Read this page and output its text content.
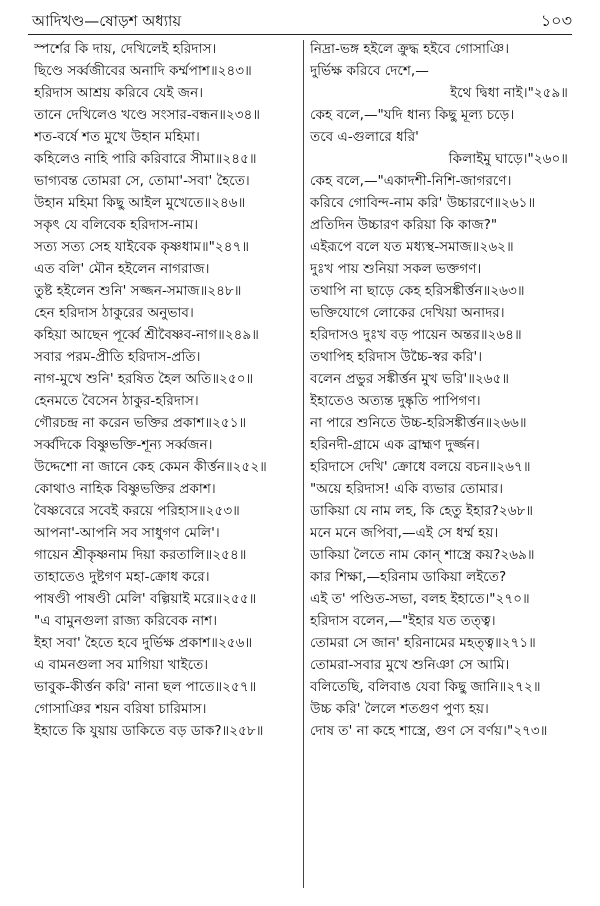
আদিখণ্ড—ষোড়শ অধ্যায়	১০৩
স্পর্শের কি দায়, দেখিলেই হরিদাস।
ছিণ্ডে সর্ব্বজীবের অনাদি কর্ম্মপাশ॥২৪৩॥
হরিদাস আশ্রয় করিবে যেই জন।
তানে দেখিলেও খণ্ডে সংসার-বন্ধন॥২৩৪॥
শত-বর্ষে শত মুখে উহান মহিমা।
কহিলেও নাহি পারি করিবারে সীমা॥২৪৫॥
ভাগ্যবন্ত তোমরা সে, তোমা'-সবা' হৈতে।
উহান মহিমা কিছু আইল মুখেতে॥২৪৬॥
সকৃৎ যে বলিবেক হরিদাস-নাম।
সত্য সত্য সেহ যাইবেক কৃষ্ণধাম॥"২৪৭॥
এত বলি' মৌন হইলেন নাগরাজ।
তুষ্ট হইলেন শুনি' সজ্জন-সমাজ॥২৪৮॥
হেন হরিদাস ঠাকুরের অনুভাব।
কহিয়া আছেন পূর্ব্বে শ্রীবৈষ্ণব-নাগ॥২৪৯॥
সবার পরম-প্রীতি হরিদাস-প্রতি।
নাগ-মুখে শুনি' হরষিত হৈল অতি॥২৫০॥
হেনমতে বৈসেন ঠাকুর-হরিদাস।
গৌরচন্দ্র না করেন ভক্তির প্রকাশ॥২৫১॥
সর্ব্বদিকে বিষ্ণুভক্তি-শূন্য সর্ব্বজন।
উদ্দেশো না জানে কেহ কেমন কীর্ত্তন॥২৫২॥
কোথাও নাহিক বিষ্ণুভক্তির প্রকাশ।
বৈষ্ণবেরে সবেই করয়ে পরিহাস॥২৫৩॥
আপনা'-আপনি সব সাধুগণ মেলি'।
গায়েন শ্রীকৃষ্ণনাম দিয়া করতালি॥২৫৪॥
তাহাতেও দুষ্টগণ মহা-ক্রোধ করে।
পাষণ্ডী পাষণ্ডী মেলি' বল্গিয়াই মরে॥২৫৫॥
"এ বামুনগুলা রাজ্য করিবেক নাশ।
ইহা সবা' হৈতে হবে দুর্ভিক্ষ প্রকাশ॥২৫৬॥
এ বামনগুলা সব মাগিয়া খাইতে।
ভাবুক-কীর্ত্তন করি' নানা ছল পাতে॥২৫৭॥
গোসাঞির শয়ন বরিষা চারিমাস।
ইহাতে কি যুয়ায় ডাকিতে বড় ডাক?॥২৫৮॥
নিদ্রা-ভঙ্গ হইলে ক্রুদ্ধ হইবে গোসাঞি।
দুর্ভিক্ষ করিবে দেশে,—
ইথে দ্বিধা নাই।"২৫৯॥
কেহ বলে,—"যদি ধান্য কিছু মূল্য চড়ে।
তবে এ-গুলারে ধরি'
কিলাইমু ঘাড়ে।"২৬০॥
কেহ বলে,—"একাদশী-নিশি-জাগরণে।
করিবে গোবিন্দ-নাম করি' উচ্চারণে॥২৬১॥
প্রতিদিন উচ্চারণ করিয়া কি কাজ?"
এইরূপে বলে যত মধ্যস্থ-সমাজ॥২৬২॥
দুঃখ পায় শুনিয়া সকল ভক্তগণ।
তথাপি না ছাড়ে কেহ হরিসঙ্কীর্ত্তন॥২৬৩॥
ভক্তিযোগে লোকের দেখিয়া অনাদর।
হরিদাসও দুঃখ বড় পায়েন অন্তর॥২৬৪॥
তথাপিহ হরিদাস উচ্চৈ-স্বর করি'।
বলেন প্রভুর সঙ্কীর্ত্তন মুখ ভরি'॥২৬৫॥
ইহাতেও অত্যন্ত দুষ্কৃতি পাপিগণ।
না পারে শুনিতে উচ্চ-হরিসঙ্কীর্ত্তন॥২৬৬॥
হরিনদী-গ্রামে এক ব্রাহ্মণ দুর্জ্জন।
হরিদাসে দেখি' ক্রোধে বলয়ে বচন॥২৬৭॥
"অয়ে হরিদাস! একি ব্যভার তোমার।
ডাকিয়া যে নাম লহ, কি হেতু ইহার?২৬৮॥
মনে মনে জপিবা,—এই সে ধর্ম্ম হয়।
ডাকিয়া লৈতে নাম কোন্ শাস্ত্রে কয়?২৬৯॥
কার শিক্ষা,—হরিনাম ডাকিয়া লইতে?
এই ত' পণ্ডিত-সভা, বলহ ইহাতে।"২৭০॥
হরিদাস বলেন,—"ইহার যত তত্ত্ব।
তোমরা সে জান' হরিনামের মহত্ত্ব॥২৭১॥
তোমরা-সবার মুখে শুনিঞা সে আমি।
বলিতেছি, বলিবাঙ যেবা কিছু জানি॥২৭২॥
উচ্চ করি' লৈলে শতগুণ পুণ্য হয়।
দোষ ত' না কহে শাস্ত্রে, গুণ সে বর্ণয়।"২৭৩॥
